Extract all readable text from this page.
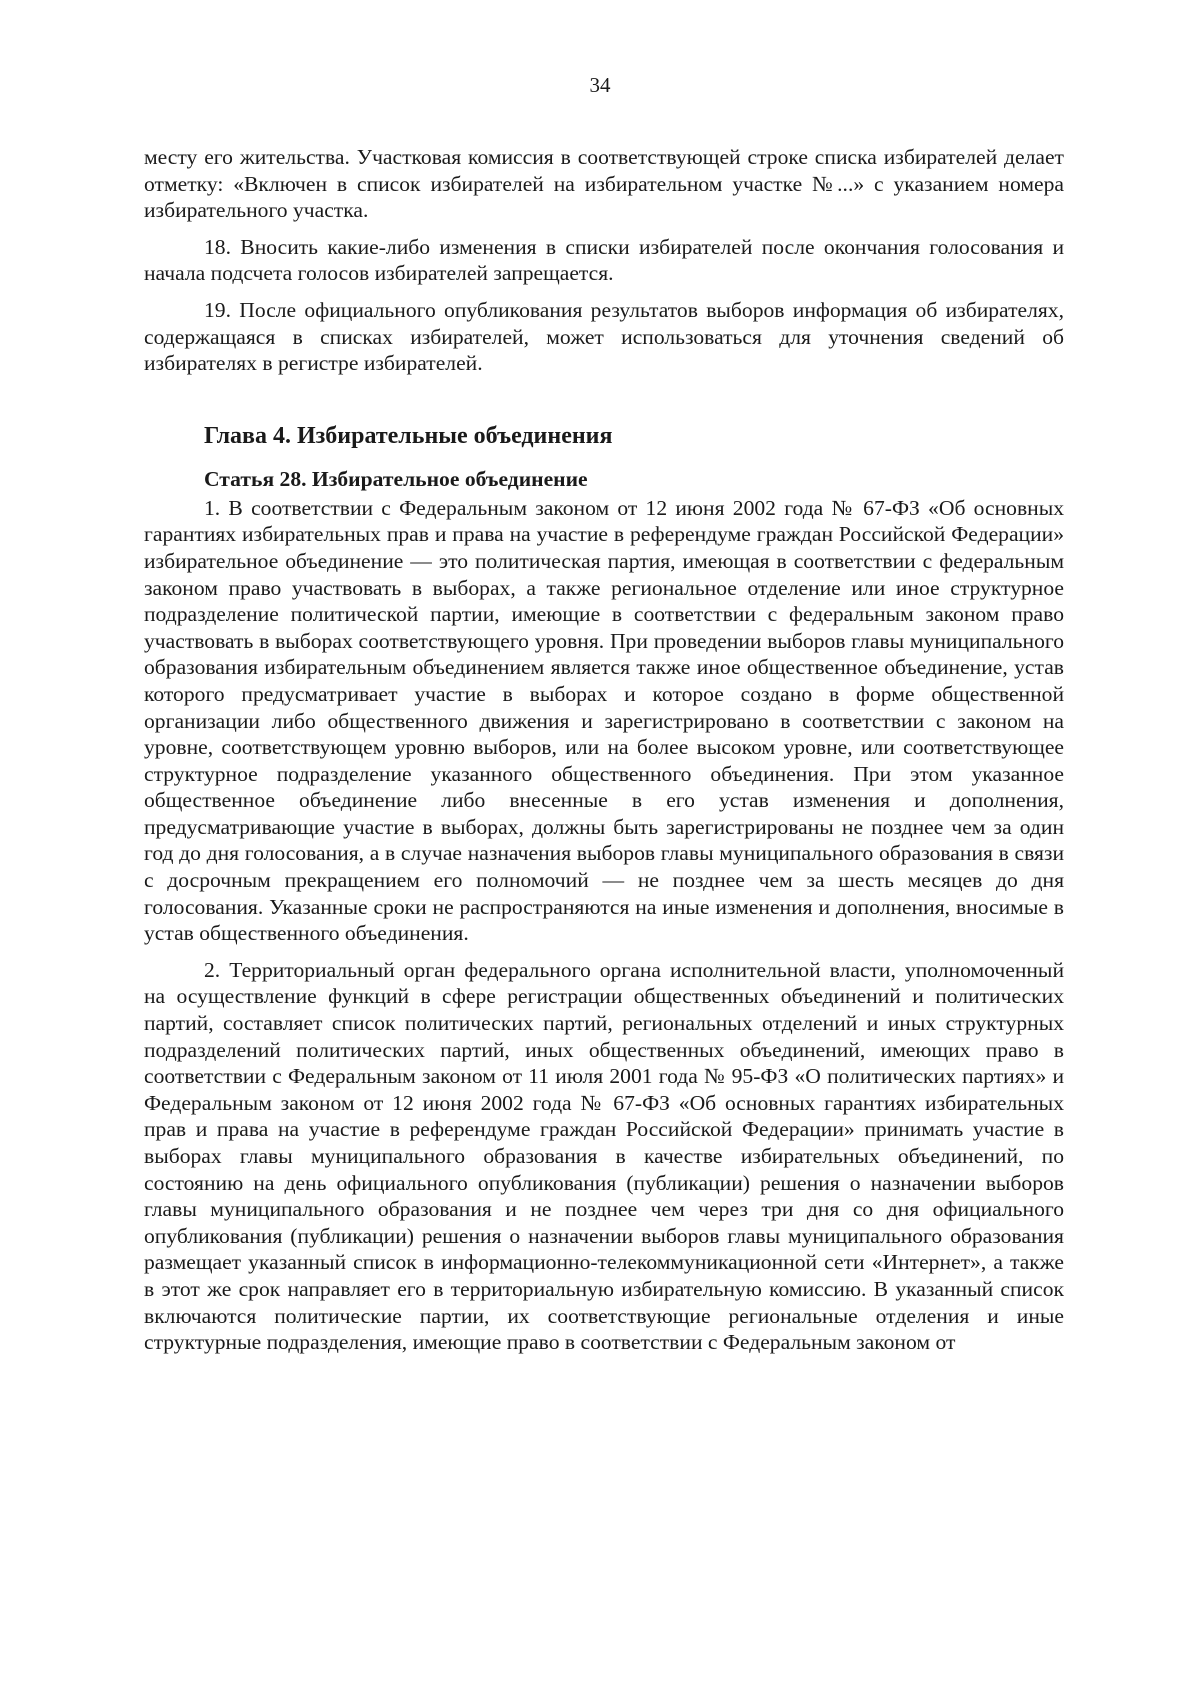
34

месту его жительства. Участковая комиссия в соответствующей строке списка избирателей делает отметку: «Включен в список избирателей на избирательном участке №...» с указанием номера избирательного участка.

18. Вносить какие-либо изменения в списки избирателей после окончания голосования и начала подсчета голосов избирателей запрещается.

19. После официального опубликования результатов выборов информация об избирателях, содержащаяся в списках избирателей, может использоваться для уточнения сведений об избирателях в регистре избирателей.

Глава 4. Избирательные объединения
Статья 28. Избирательное объединение

1. В соответствии с Федеральным законом от 12 июня 2002 года № 67-ФЗ «Об основных гарантиях избирательных прав и права на участие в референдуме граждан Российской Федерации» избирательное объединение — это политическая партия, имеющая в соответствии с федеральным законом право участвовать в выборах, а также региональное отделение или иное структурное подразделение политической партии, имеющие в соответствии с федеральным законом право участвовать в выборах соответствующего уровня. При проведении выборов главы муниципального образования избирательным объединением является также иное общественное объединение, устав которого предусматривает участие в выборах и которое создано в форме общественной организации либо общественного движения и зарегистрировано в соответствии с законом на уровне, соответствующем уровню выборов, или на более высоком уровне, или соответствующее структурное подразделение указанного общественного объединения. При этом указанное общественное объединение либо внесенные в его устав изменения и дополнения, предусматривающие участие в выборах, должны быть зарегистрированы не позднее чем за один год до дня голосования, а в случае назначения выборов главы муниципального образования в связи с досрочным прекращением его полномочий — не позднее чем за шесть месяцев до дня голосования. Указанные сроки не распространяются на иные изменения и дополнения, вносимые в устав общественного объединения.

2. Территориальный орган федерального органа исполнительной власти, уполномоченный на осуществление функций в сфере регистрации общественных объединений и политических партий, составляет список политических партий, региональных отделений и иных структурных подразделений политических партий, иных общественных объединений, имеющих право в соответствии с Федеральным законом от 11 июля 2001 года № 95-ФЗ «О политических партиях» и Федеральным законом от 12 июня 2002 года № 67-ФЗ «Об основных гарантиях избирательных прав и права на участие в референдуме граждан Российской Федерации» принимать участие в выборах главы муниципального образования в качестве избирательных объединений, по состоянию на день официального опубликования (публикации) решения о назначении выборов главы муниципального образования и не позднее чем через три дня со дня официального опубликования (публикации) решения о назначении выборов главы муниципального образования размещает указанный список в информационно-телекоммуникационной сети «Интернет», а также в этот же срок направляет его в территориальную избирательную комиссию. В указанный список включаются политические партии, их соответствующие региональные отделения и иные структурные подразделения, имеющие право в соответствии с Федеральным законом от
